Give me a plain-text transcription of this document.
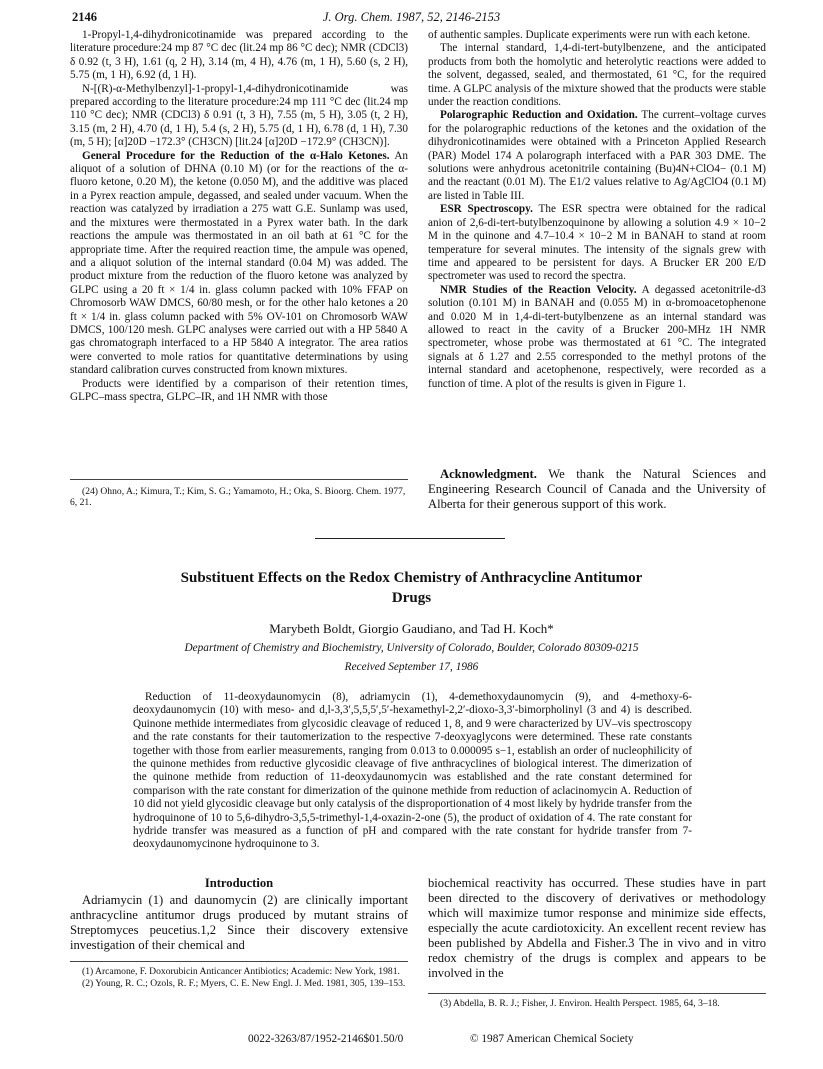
2146	J. Org. Chem. 1987, 52, 2146-2153

1-Propyl-1,4-dihydronicotinamide was prepared according to the literature procedure:24 mp 87 °C dec (lit.24 mp 86 °C dec); NMR (CDCl3) δ 0.92 (t, 3 H), 1.61 (q, 2 H), 3.14 (m, 4 H), 4.76 (m, 1 H), 5.60 (s, 2 H), 5.75 (m, 1 H), 6.92 (d, 1 H).

N-[(R)-α-Methylbenzyl]-1-propyl-1,4-dihydronicotinamide was prepared according to the literature procedure:24 mp 111 °C dec (lit.24 mp 110 °C dec); NMR (CDCl3) δ 0.91 (t, 3 H), 7.55 (m, 5 H), 3.05 (t, 2 H), 3.15 (m, 2 H), 4.70 (d, 1 H), 5.4 (s, 2 H), 5.75 (d, 1 H), 6.78 (d, 1 H), 7.30 (m, 5 H); [α]20D −172.3° (CH3CN) [lit.24 [α]20D −172.9° (CH3CN)].

General Procedure for the Reduction of the α-Halo Ketones. An aliquot of a solution of DHNA (0.10 M) (or for the reactions of the α-fluoro ketone, 0.20 M), the ketone (0.050 M), and the additive was placed in a Pyrex reaction ampule, degassed, and sealed under vacuum. When the reaction was catalyzed by irradiation a 275 watt G.E. Sunlamp was used, and the mixtures were thermostated in a Pyrex water bath. In the dark reactions the ampule was thermostated in an oil bath at 61 °C for the appropriate time. After the required reaction time, the ampule was opened, and a aliquot solution of the internal standard (0.04 M) was added. The product mixture from the reduction of the fluoro ketone was analyzed by GLPC using a 20 ft × 1/4 in. glass column packed with 10% FFAP on Chromosorb WAW DMCS, 60/80 mesh, or for the other halo ketones a 20 ft × 1/4 in. glass column packed with 5% OV-101 on Chromosorb WAW DMCS, 100/120 mesh. GLPC analyses were carried out with a HP 5840 A gas chromatograph interfaced to a HP 5840 A integrator. The area ratios were converted to mole ratios for quantitative determinations by using standard calibration curves constructed from known mixtures.

Products were identified by a comparison of their retention times, GLPC–mass spectra, GLPC–IR, and 1H NMR with those

(24) Ohno, A.; Kimura, T.; Kim, S. G.; Yamamoto, H.; Oka, S. Bioorg. Chem. 1977, 6, 21.

of authentic samples. Duplicate experiments were run with each ketone.

The internal standard, 1,4-di-tert-butylbenzene, and the anticipated products from both the homolytic and heterolytic reactions were added to the solvent, degassed, sealed, and thermostated, 61 °C, for the required time. A GLPC analysis of the mixture showed that the products were stable under the reaction conditions.

Polarographic Reduction and Oxidation. The current–voltage curves for the polarographic reductions of the ketones and the oxidation of the dihydronicotinamides were obtained with a Princeton Applied Research (PAR) Model 174 A polarograph interfaced with a PAR 303 DME. The solutions were anhydrous acetonitrile containing (Bu)4N+ClO4− (0.1 M) and the reactant (0.01 M). The E1/2 values relative to Ag/AgClO4 (0.1 M) are listed in Table III.

ESR Spectroscopy. The ESR spectra were obtained for the radical anion of 2,6-di-tert-butylbenzoquinone by allowing a solution 4.9 × 10−2 M in the quinone and 4.7–10.4 × 10−2 M in BANAH to stand at room temperature for several minutes. The intensity of the signals grew with time and appeared to be persistent for days. A Brucker ER 200 E/D spectrometer was used to record the spectra.

NMR Studies of the Reaction Velocity. A degassed acetonitrile-d3 solution (0.101 M) in BANAH and (0.055 M) in α-bromoacetophenone and 0.020 M in 1,4-di-tert-butylbenzene as an internal standard was allowed to react in the cavity of a Brucker 200-MHz 1H NMR spectrometer, whose probe was thermostated at 61 °C. The integrated signals at δ 1.27 and 2.55 corresponded to the methyl protons of the internal standard and acetophenone, respectively, were recorded as a function of time. A plot of the results is given in Figure 1.

Acknowledgment. We thank the Natural Sciences and Engineering Research Council of Canada and the University of Alberta for their generous support of this work.

Substituent Effects on the Redox Chemistry of Anthracycline Antitumor
Drugs
Marybeth Boldt, Giorgio Gaudiano, and Tad H. Koch*
Department of Chemistry and Biochemistry, University of Colorado, Boulder, Colorado 80309-0215
Received September 17, 1986

Reduction of 11-deoxydaunomycin (8), adriamycin (1), 4-demethoxydaunomycin (9), and 4-methoxy-6-deoxydaunomycin (10) with meso- and d,l-3,3′,5,5,5′,5′-hexamethyl-2,2′-dioxo-3,3′-bimorpholinyl (3 and 4) is described. Quinone methide intermediates from glycosidic cleavage of reduced 1, 8, and 9 were characterized by UV–vis spectroscopy and the rate constants for their tautomerization to the respective 7-deoxyaglycons were determined. These rate constants together with those from earlier measurements, ranging from 0.013 to 0.000095 s−1, establish an order of nucleophilicity of the quinone methides from reductive glycosidic cleavage of five anthracyclines of biological interest. The dimerization of the quinone methide from reduction of 11-deoxydaunomycin was established and the rate constant determined for comparison with the rate constant for dimerization of the quinone methide from reduction of aclacinomycin A. Reduction of 10 did not yield glycosidic cleavage but only catalysis of the disproportionation of 4 most likely by hydride transfer from the hydroquinone of 10 to 5,6-dihydro-3,5,5-trimethyl-1,4-oxazin-2-one (5), the product of oxidation of 4. The rate constant for hydride transfer was measured as a function of pH and compared with the rate constant for hydride transfer from 7-deoxydaunomycinone hydroquinone to 3.

Introduction

Adriamycin (1) and daunomycin (2) are clinically important anthracycline antitumor drugs produced by mutant strains of Streptomyces peucetius.1,2 Since their discovery extensive investigation of their chemical and

(1) Arcamone, F. Doxorubicin Anticancer Antibiotics; Academic: New York, 1981.

(2) Young, R. C.; Ozols, R. F.; Myers, C. E. New Engl. J. Med. 1981, 305, 139–153.

biochemical reactivity has occurred. These studies have in part been directed to the discovery of derivatives or methodology which will maximize tumor response and minimize side effects, especially the acute cardiotoxicity. An excellent recent review has been published by Abdella and Fisher.3 The in vivo and in vitro redox chemistry of the drugs is complex and appears to be involved in the

(3) Abdella, B. R. J.; Fisher, J. Environ. Health Perspect. 1985, 64, 3–18.

0022-3263/87/1952-2146$01.50/0	© 1987 American Chemical Society
